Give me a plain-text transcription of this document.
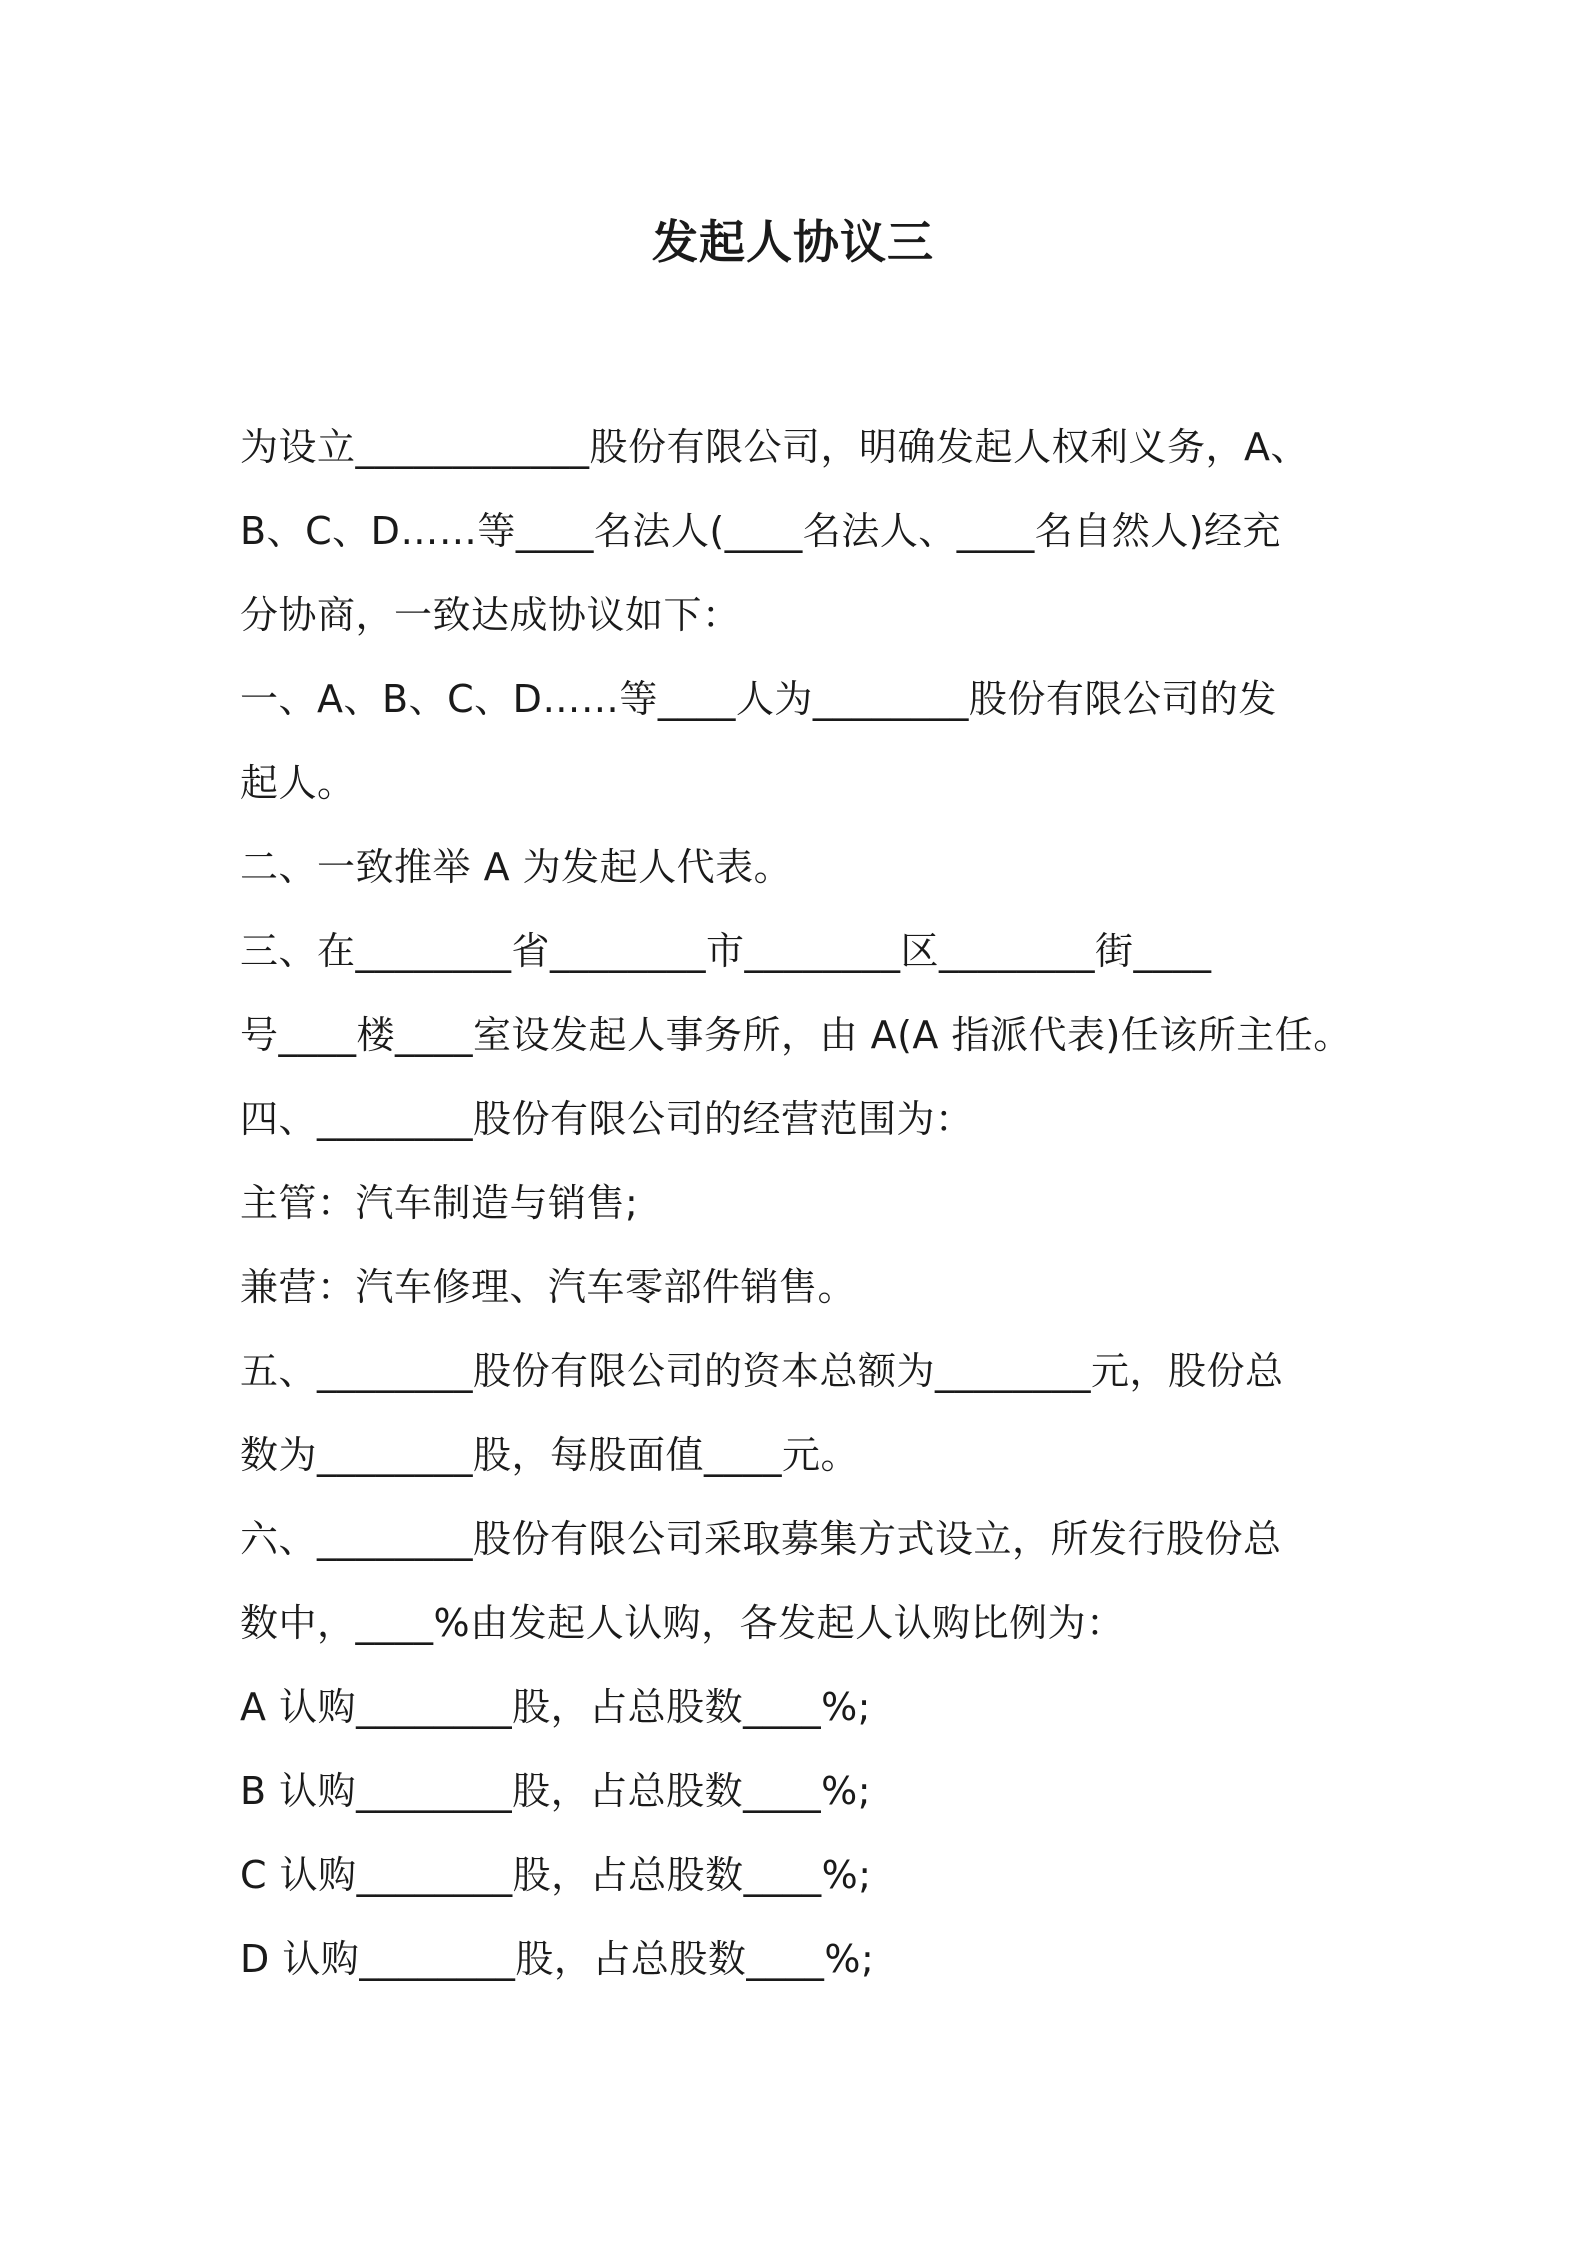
发起人协议三
为设立____________股份有限公司，明确发起人权利义务，A、
B、C、D……等____名法人(____名法人、____名自然人)经充
分协商，一致达成协议如下：
一、A、B、C、D……等____人为________股份有限公司的发
起人。
二、一致推举 A 为发起人代表。
三、在________省________市________区________街____
号____楼____室设发起人事务所，由 A(A 指派代表)任该所主任。
四、________股份有限公司的经营范围为：
主管：汽车制造与销售;
兼营：汽车修理、汽车零部件销售。
五、________股份有限公司的资本总额为________元，股份总
数为________股，每股面值____元。
六、________股份有限公司采取募集方式设立，所发行股份总
数中，____%由发起人认购，各发起人认购比例为：
A 认购________股，占总股数____%;
B 认购________股，占总股数____%;
C 认购________股，占总股数____%;
D 认购________股，占总股数____%;
